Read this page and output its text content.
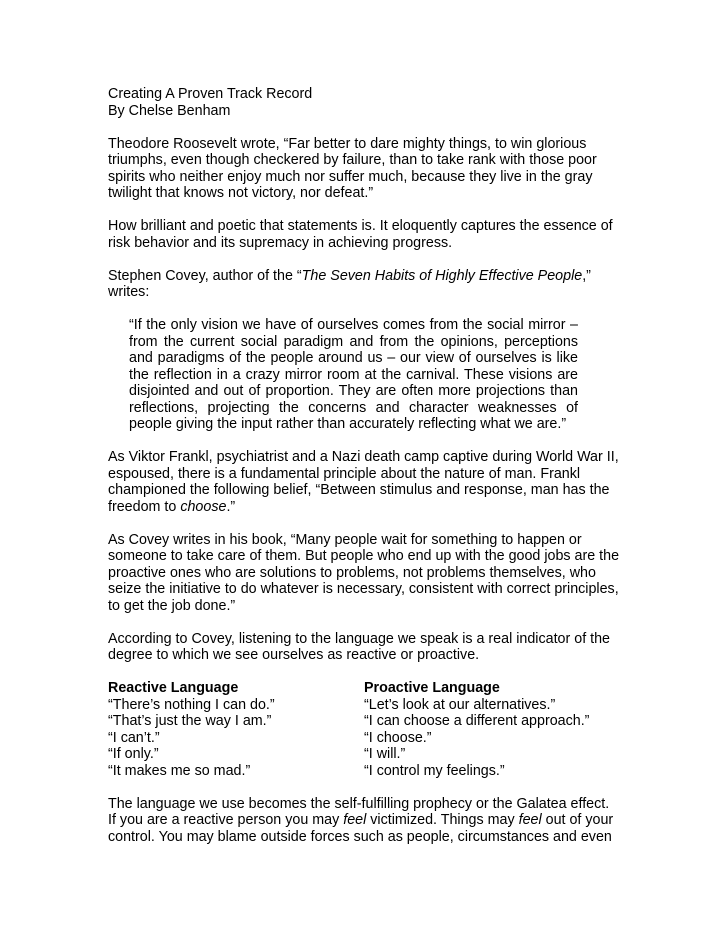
Creating A Proven Track Record

By Chelse Benham

Theodore Roosevelt wrote, “Far better to dare mighty things, to win glorious triumphs, even though checkered by failure, than to take rank with those poor spirits who neither enjoy much nor suffer much, because they live in the gray twilight that knows not victory, nor defeat.”

How brilliant and poetic that statements is. It eloquently captures the essence of risk behavior and its supremacy in achieving progress.

Stephen Covey, author of the “The Seven Habits of Highly Effective People,” writes:

“If the only vision we have of ourselves comes from the social mirror – from the current social paradigm and from the opinions, perceptions and paradigms of the people around us – our view of ourselves is like the reflection in a crazy mirror room at the carnival. These visions are disjointed and out of proportion. They are often more projections than reflections, projecting the concerns and character weaknesses of people giving the input rather than accurately reflecting what we are.”

As Viktor Frankl, psychiatrist and a Nazi death camp captive during World War II, espoused, there is a fundamental principle about the nature of man. Frankl championed the following belief, “Between stimulus and response, man has the freedom to choose.”

As Covey writes in his book, “Many people wait for something to happen or someone to take care of them. But people who end up with the good jobs are the proactive ones who are solutions to problems, not problems themselves, who seize the initiative to do whatever is necessary, consistent with correct principles, to get the job done.”

According to Covey, listening to the language we speak is a real indicator of the degree to which we see ourselves as reactive or proactive.

Reactive Language
“There’s nothing I can do.”
“That’s just the way I am.”
“I can’t.”
“If only.”
“It makes me so mad.”
Proactive Language
“Let’s look at our alternatives.”
“I can choose a different approach.”
“I choose.”
“I will.”
“I control my feelings.”

The language we use becomes the self-fulfilling prophecy or the Galatea effect. If you are a reactive person you may feel victimized. Things may feel out of your control. You may blame outside forces such as people, circumstances and even
